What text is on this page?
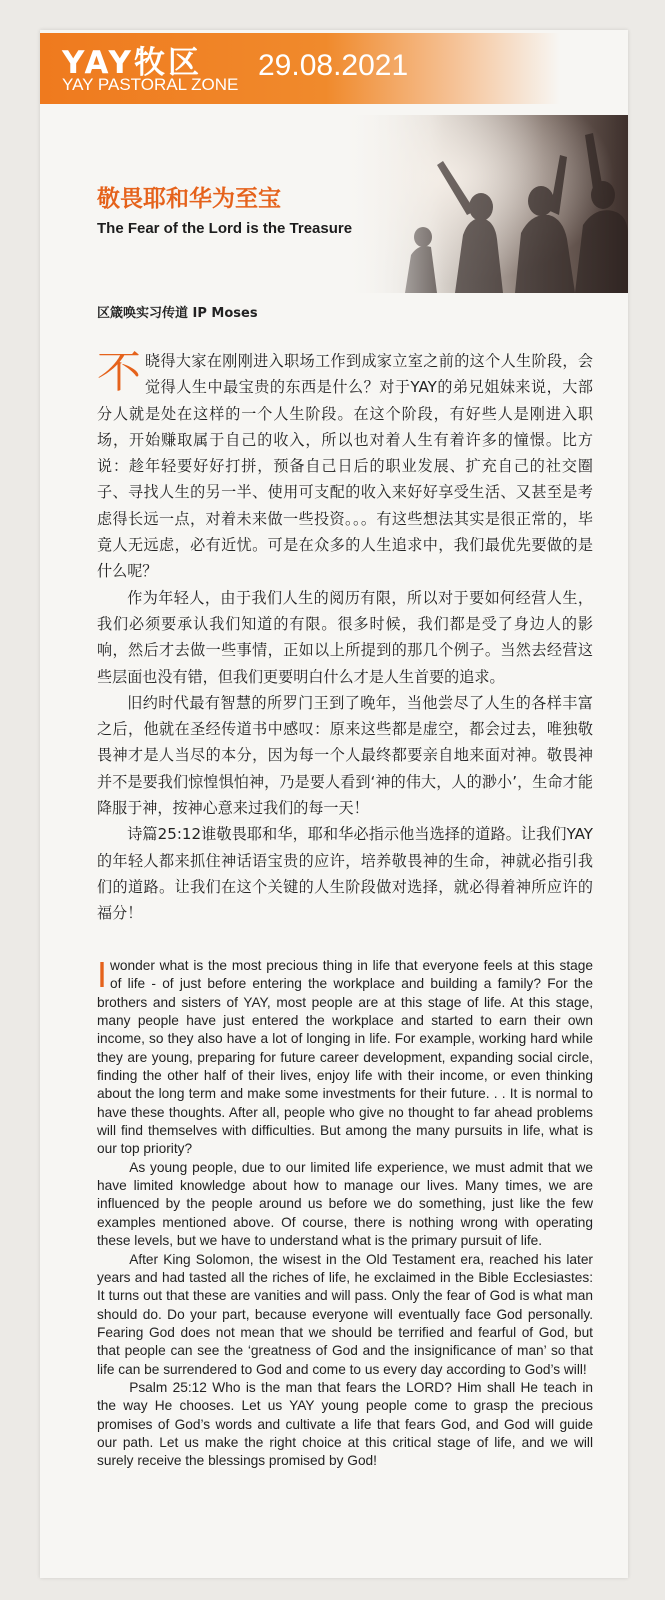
YAY牧区
YAY PASTORAL ZONE
29.08.2021
敬畏耶和华为至宝
The Fear of the Lord is the Treasure
区箴唤实习传道 IP Moses

不晓得大家在刚刚进入职场工作到成家立室之前的这个人生阶段，会觉得人生中最宝贵的东西是什么？对于YAY的弟兄姐妹来说，大部分人就是处在这样的一个人生阶段。在这个阶段，有好些人是刚进入职场，开始赚取属于自己的收入，所以也对着人生有着许多的憧憬。比方说：趁年轻要好好打拼，预备自己日后的职业发展、扩充自己的社交圈子、寻找人生的另一半、使用可支配的收入来好好享受生活、又甚至是考虑得长远一点，对着未来做一些投资。。。有这些想法其实是很正常的，毕竟人无远虑，必有近忧。可是在众多的人生追求中，我们最优先要做的是什么呢？

作为年轻人，由于我们人生的阅历有限，所以对于要如何经营人生，我们必须要承认我们知道的有限。很多时候，我们都是受了身边人的影响，然后才去做一些事情，正如以上所提到的那几个例子。当然去经营这些层面也没有错，但我们更要明白什么才是人生首要的追求。

旧约时代最有智慧的所罗门王到了晚年，当他尝尽了人生的各样丰富之后，他就在圣经传道书中感叹：原来这些都是虚空，都会过去，唯独敬畏神才是人当尽的本分，因为每一个人最终都要亲自地来面对神。敬畏神并不是要我们惊惶惧怕神，乃是要人看到‘神的伟大，人的渺小’，生命才能降服于神，按神心意来过我们的每一天！

诗篇25:12谁敬畏耶和华，耶和华必指示他当选择的道路。让我们YAY的年轻人都来抓住神话语宝贵的应许，培养敬畏神的生命，神就必指引我们的道路。让我们在这个关键的人生阶段做对选择，就必得着神所应许的福分！

Iwonder what is the most precious thing in life that everyone feels at this stage of life - of just before entering the workplace and building a family? For the brothers and sisters of YAY, most people are at this stage of life. At this stage, many people have just entered the workplace and started to earn their own income, so they also have a lot of longing in life. For example, working hard while they are young, preparing for future career development, expanding social circle, finding the other half of their lives, enjoy life with their income, or even thinking about the long term and make some investments for their future. . . It is normal to have these thoughts. After all, people who give no thought to far ahead problems will find themselves with difficulties. But among the many pursuits in life, what is our top priority?

As young people, due to our limited life experience, we must admit that we have limited knowledge about how to manage our lives. Many times, we are influenced by the people around us before we do something, just like the few examples mentioned above. Of course, there is nothing wrong with operating these levels, but we have to understand what is the primary pursuit of life.

After King Solomon, the wisest in the Old Testament era, reached his later years and had tasted all the riches of life, he exclaimed in the Bible Ecclesiastes: It turns out that these are vanities and will pass. Only the fear of God is what man should do. Do your part, because everyone will eventually face God personally. Fearing God does not mean that we should be terrified and fearful of God, but that people can see the ‘greatness of God and the insignificance of man’ so that life can be surrendered to God and come to us every day according to God’s will!

Psalm 25:12 Who is the man that fears the LORD? Him shall He teach in the way He chooses. Let us YAY young people come to grasp the precious promises of God’s words and cultivate a life that fears God, and God will guide our path. Let us make the right choice at this critical stage of life, and we will surely receive the blessings promised by God!
